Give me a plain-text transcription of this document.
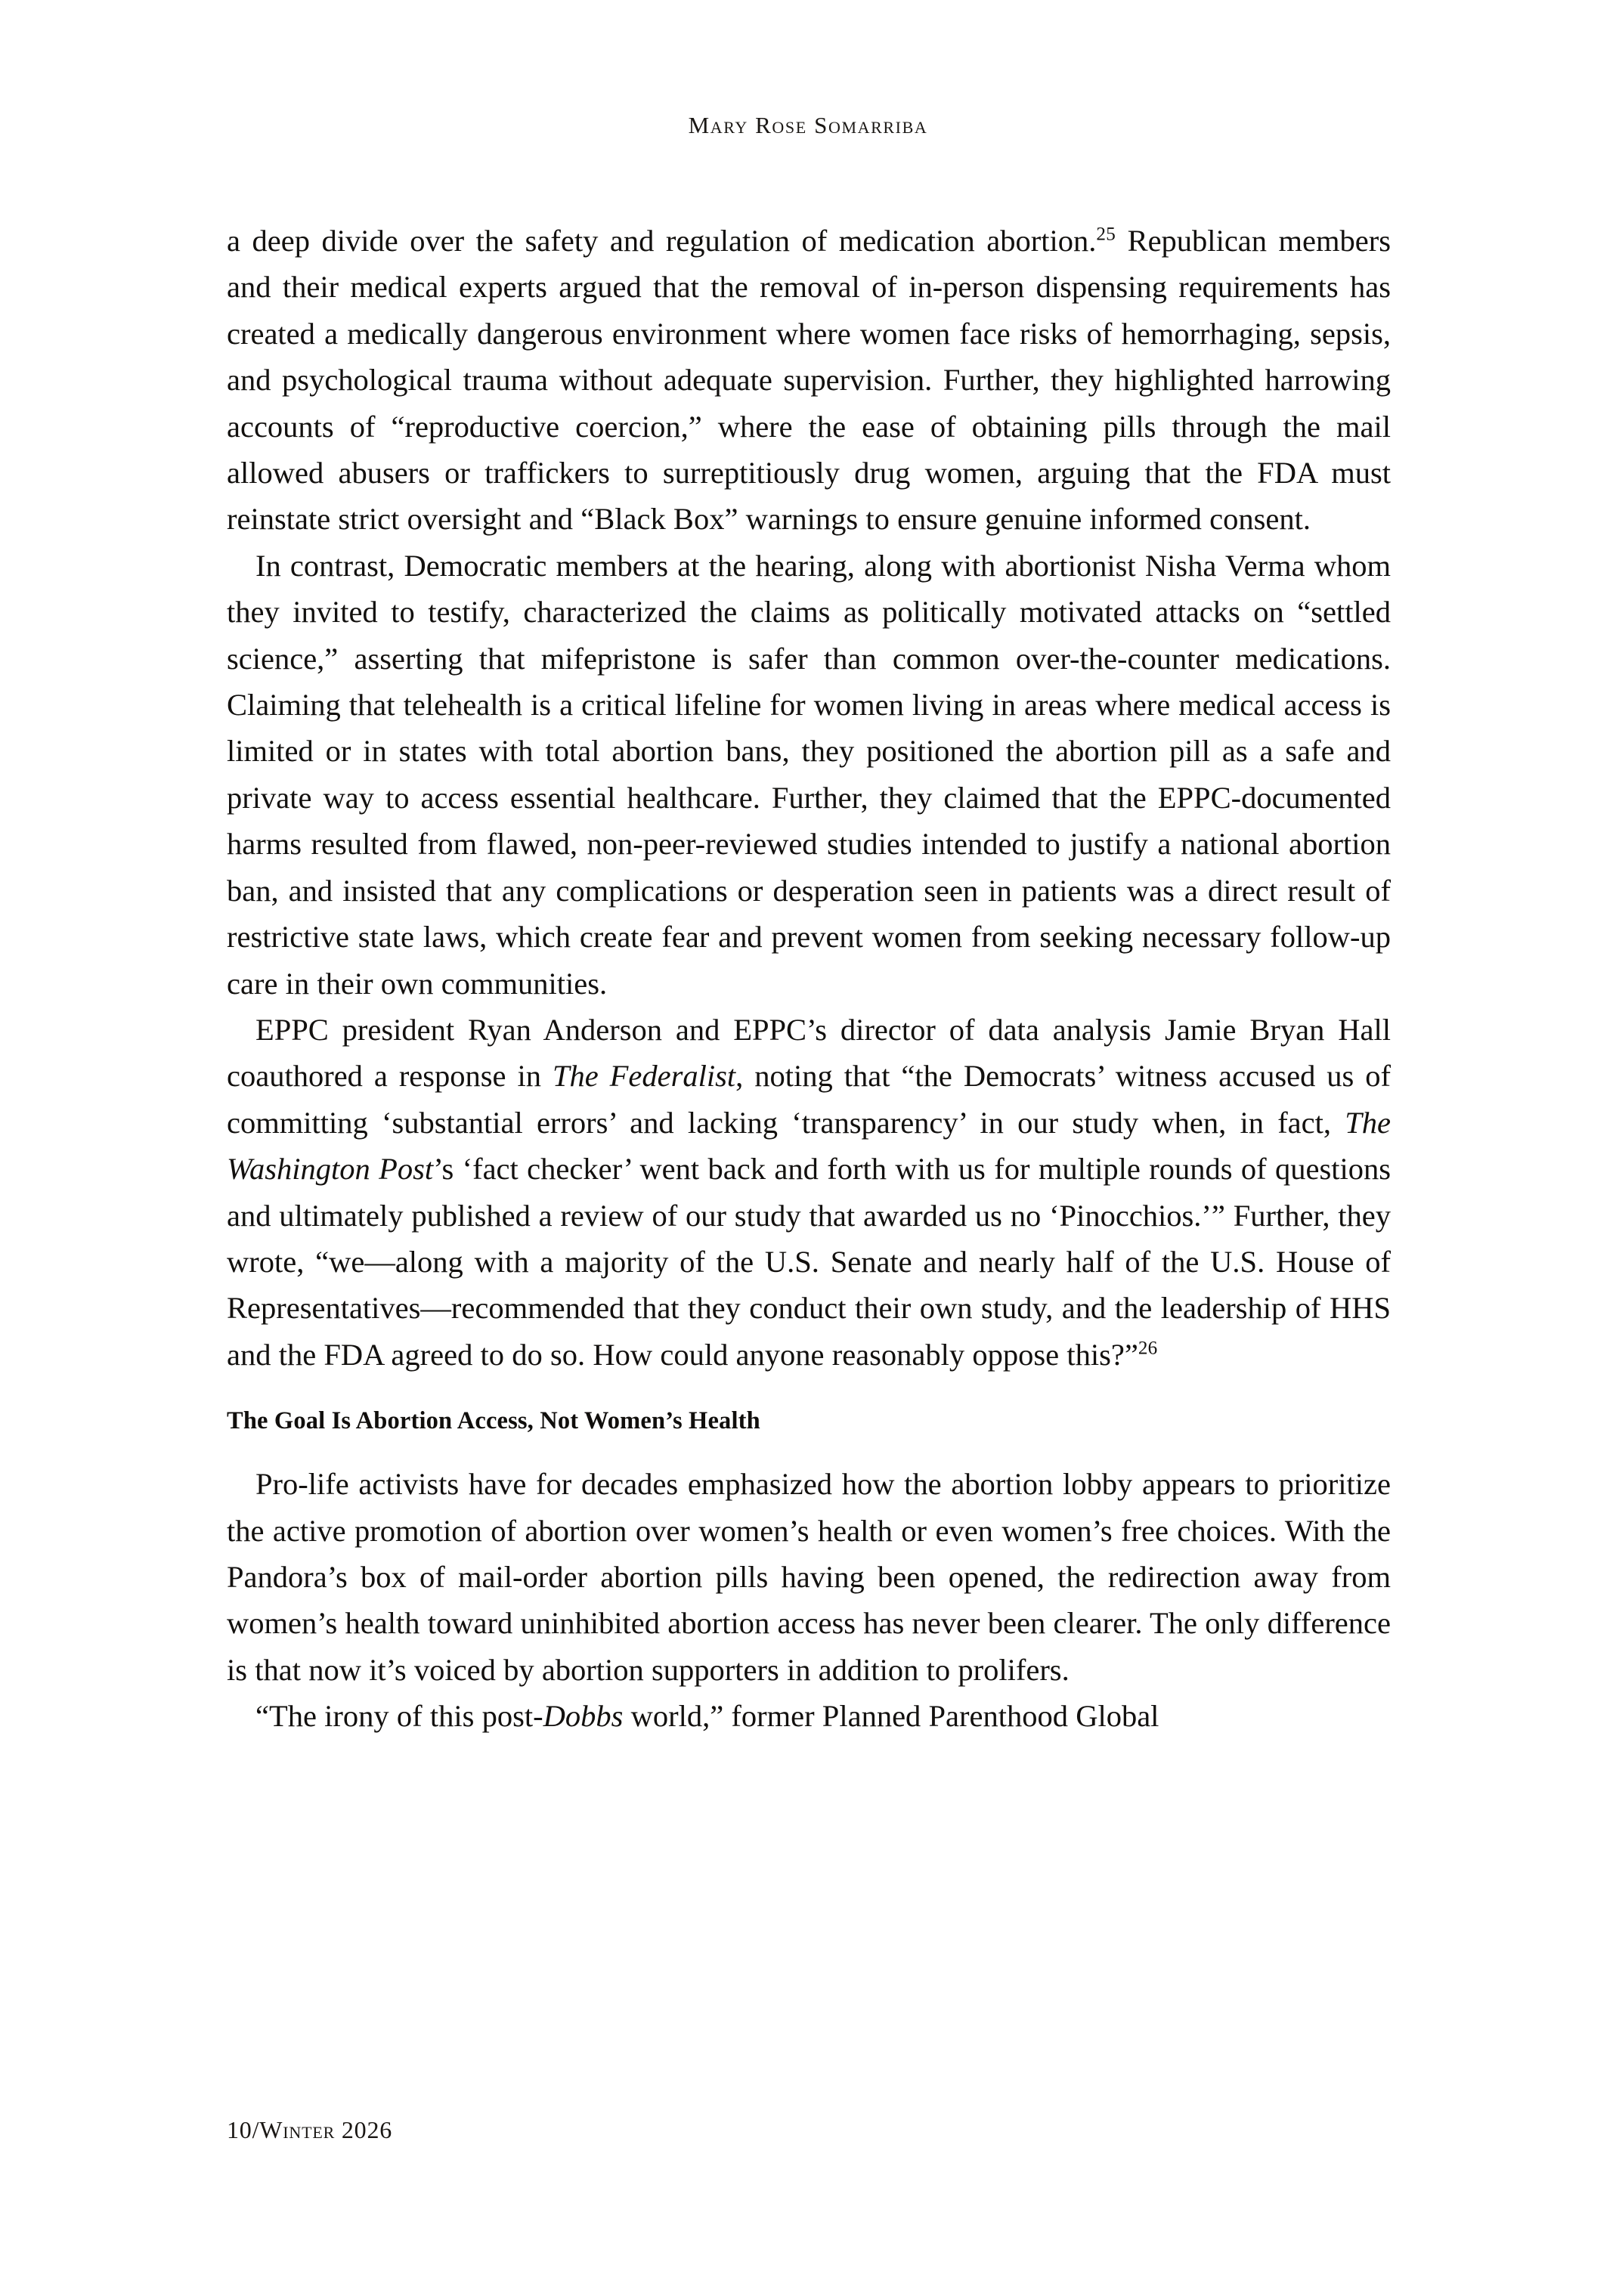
Mary Rose Somarriba

a deep divide over the safety and regulation of medication abortion.$^{25}$ Republican members and their medical experts argued that the removal of in-person dispensing requirements has created a medically dangerous environment where women face risks of hemorrhaging, sepsis, and psychological trauma without adequate supervision. Further, they highlighted harrowing accounts of “reproductive coercion,” where the ease of obtaining pills through the mail allowed abusers or traffickers to surreptitiously drug women, arguing that the FDA must reinstate strict oversight and “Black Box” warnings to ensure genuine informed consent.

In contrast, Democratic members at the hearing, along with abortionist Nisha Verma whom they invited to testify, characterized the claims as politically motivated attacks on “settled science,” asserting that mifepristone is safer than common over-the-counter medications. Claiming that telehealth is a critical lifeline for women living in areas where medical access is limited or in states with total abortion bans, they positioned the abortion pill as a safe and private way to access essential healthcare. Further, they claimed that the EPPC-documented harms resulted from flawed, non-peer-reviewed studies intended to justify a national abortion ban, and insisted that any complications or desperation seen in patients was a direct result of restrictive state laws, which create fear and prevent women from seeking necessary follow-up care in their own communities.

EPPC president Ryan Anderson and EPPC’s director of data analysis Jamie Bryan Hall coauthored a response in The Federalist, noting that “the Democrats’ witness accused us of committing ‘substantial errors’ and lacking ‘transparency’ in our study when, in fact, The Washington Post’s ‘fact checker’ went back and forth with us for multiple rounds of questions and ultimately published a review of our study that awarded us no ‘Pinocchios.’” Further, they wrote, “we—along with a majority of the U.S. Senate and nearly half of the U.S. House of Representatives—recommended that they conduct their own study, and the leadership of HHS and the FDA agreed to do so. How could anyone reasonably oppose this?”$^{26}$

The Goal Is Abortion Access, Not Women’s Health

Pro-life activists have for decades emphasized how the abortion lobby appears to prioritize the active promotion of abortion over women’s health or even women’s free choices. With the Pandora’s box of mail-order abortion pills having been opened, the redirection away from women’s health toward uninhibited abortion access has never been clearer. The only difference is that now it’s voiced by abortion supporters in addition to prolifers.

“The irony of this post-Dobbs world,” former Planned Parenthood Global

10/Winter 2026
